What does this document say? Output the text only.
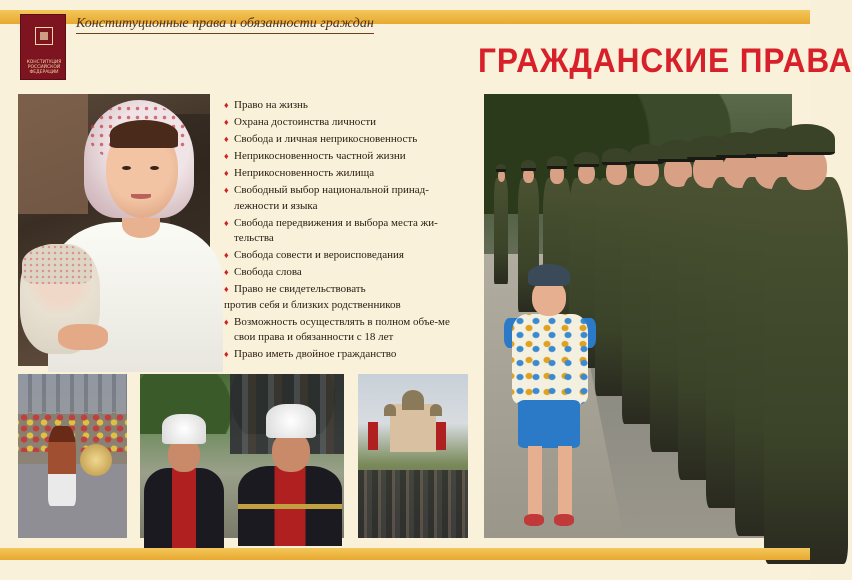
КОНСТИТУЦИЯ
РОССИЙСКОЙ ФЕДЕРАЦИИ
Конституционные права и обязанности граждан
ГРАЖДАНСКИЕ ПРАВА
♦ Право на жизнь
♦ Охрана достоинства личности
♦ Свобода и личная неприкосновенность
♦ Неприкосновенность частной жизни
♦ Неприкосновенность жилища
♦ Свободный выбор национальной принад-лежности и языка
♦ Свобода передвижения и выбора места жи-тельства
♦ Свобода совести и вероисповедания
♦ Свобода слова
♦ Право не свидетельствовать
против себя и близких родственников
♦ Возможность осуществлять в полном объе-ме свои права и обязанности с 18 лет
♦ Право иметь двойное гражданство
